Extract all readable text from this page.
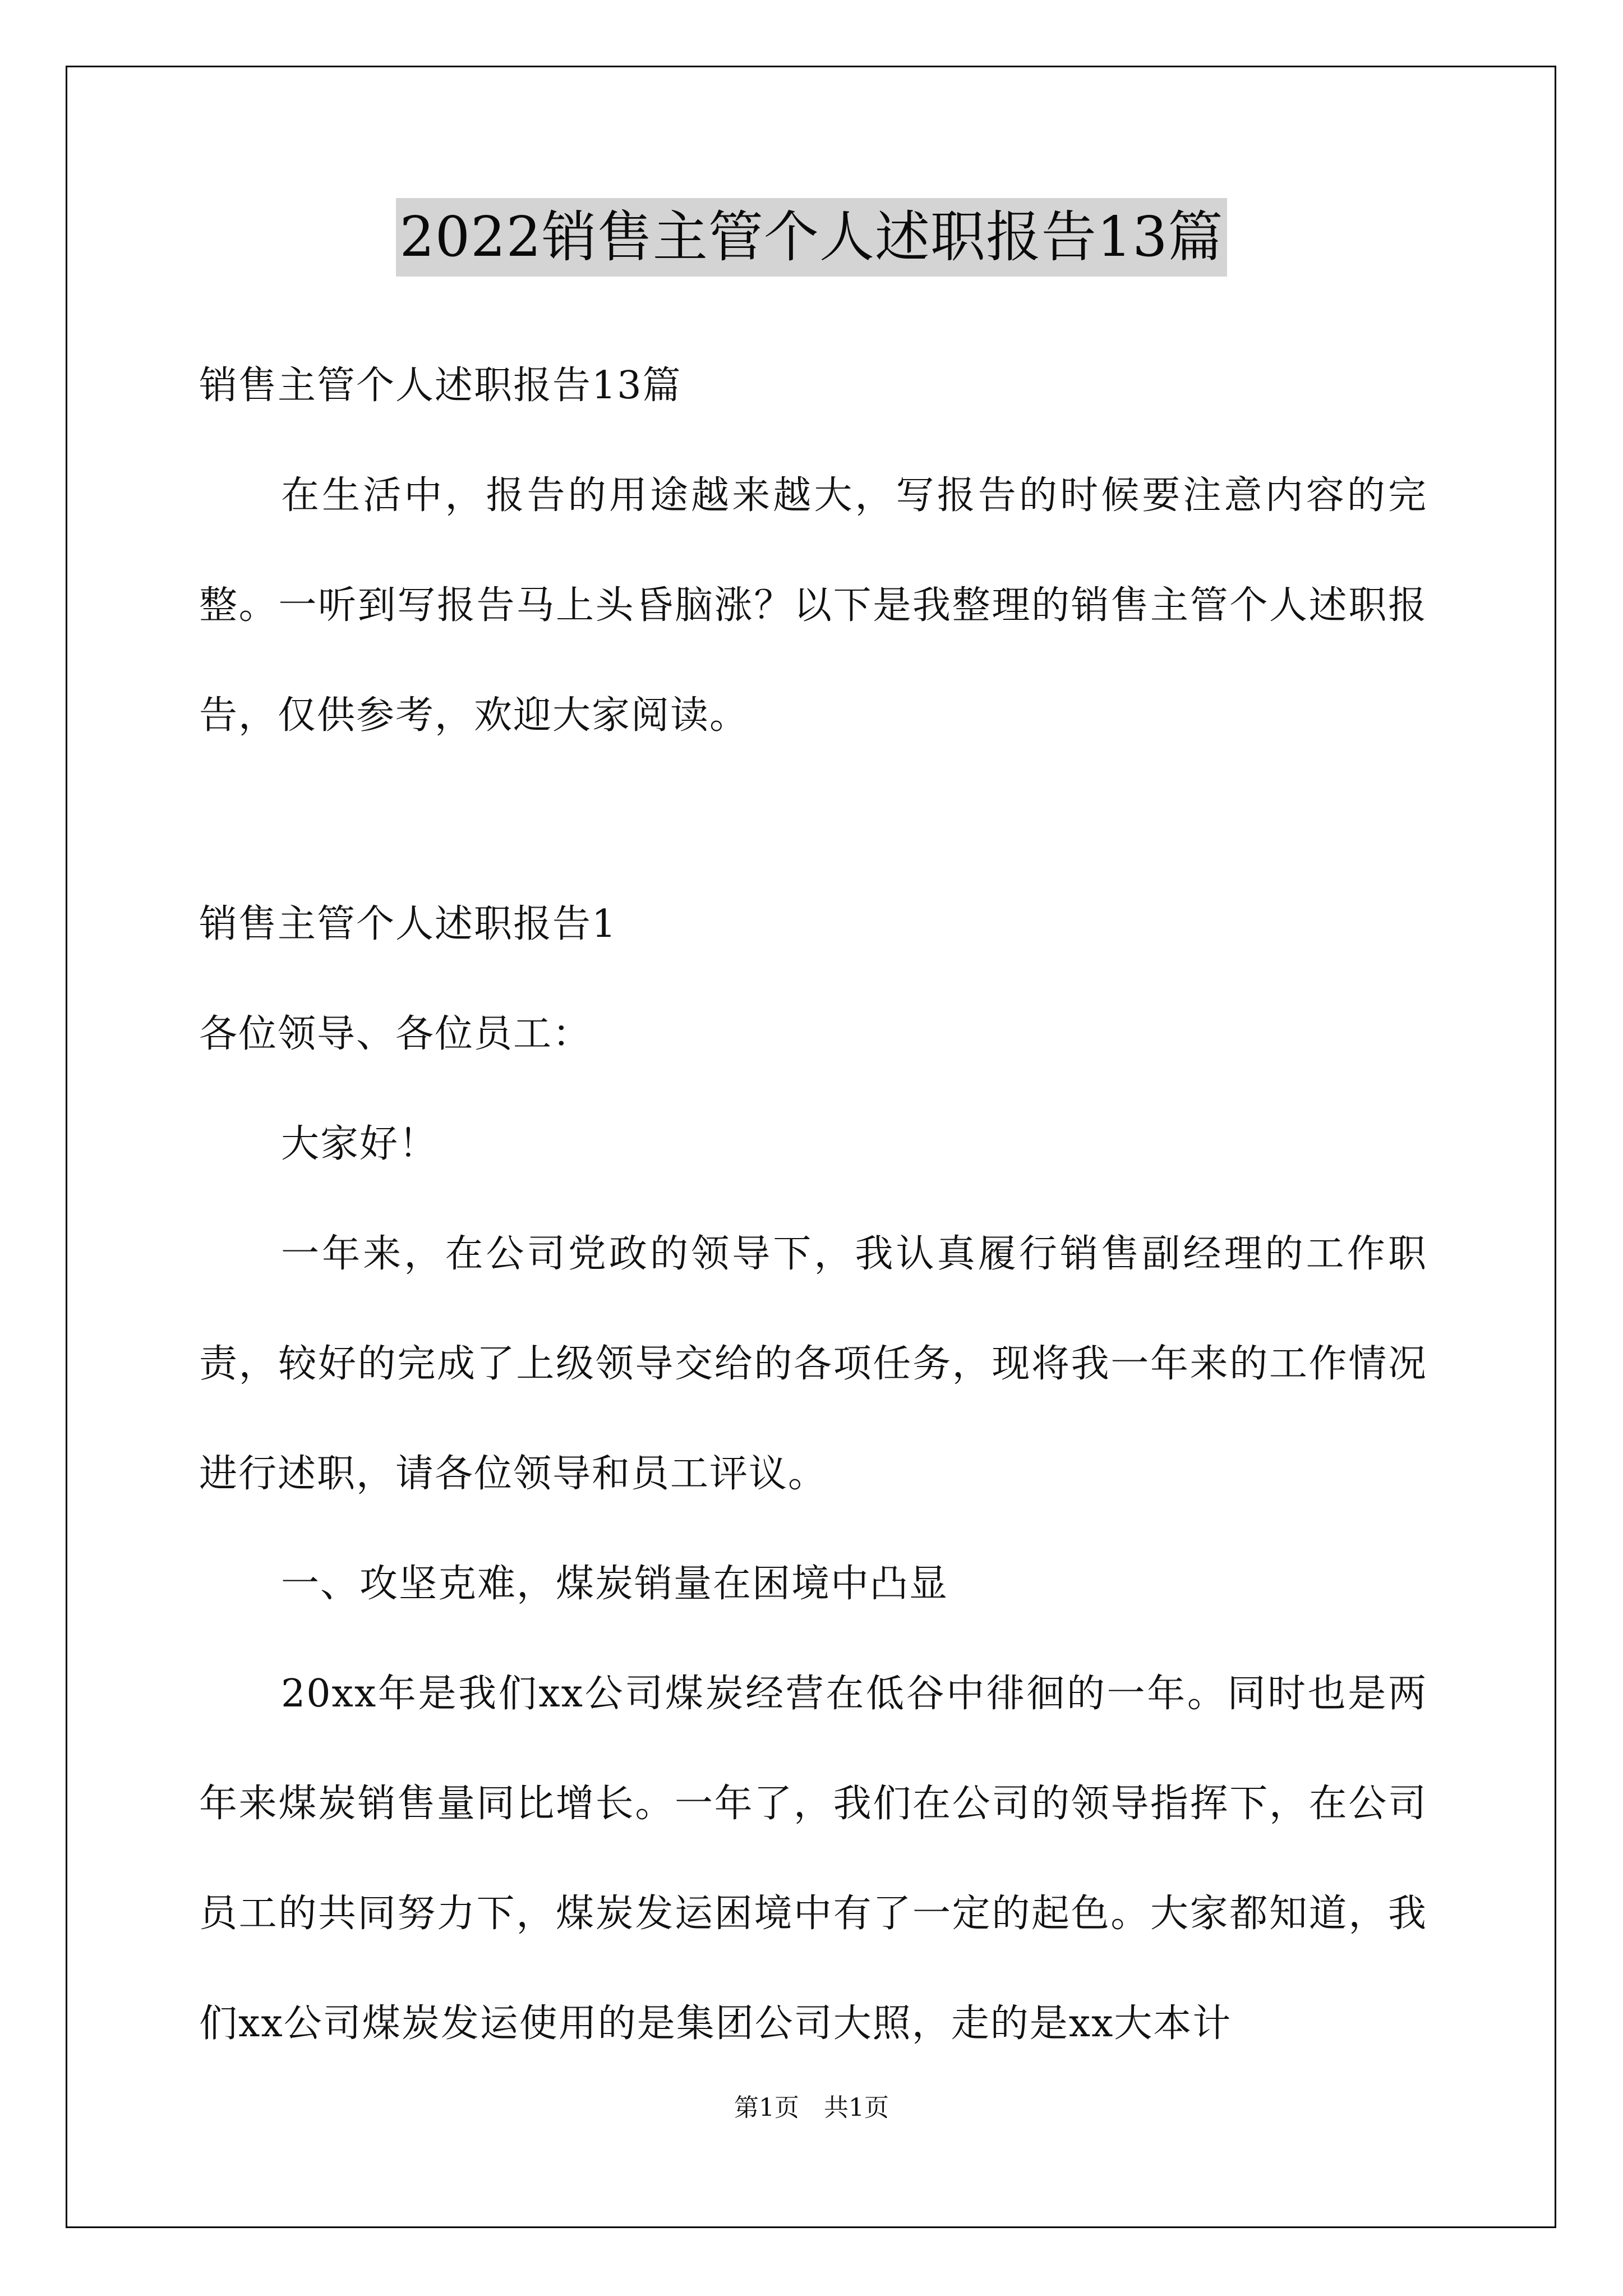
2022销售主管个人述职报告13篇
销售主管个人述职报告13篇

在生活中，报告的用途越来越大，写报告的时候要注意内容的完整。一听到写报告马上头昏脑涨？以下是我整理的销售主管个人述职报告，仅供参考，欢迎大家阅读。

销售主管个人述职报告1
各位领导、各位员工：

大家好！

一年来，在公司党政的领导下，我认真履行销售副经理的工作职责，较好的完成了上级领导交给的各项任务，现将我一年来的工作情况进行述职，请各位领导和员工评议。

一、攻坚克难，煤炭销量在困境中凸显

20xx年是我们xx公司煤炭经营在低谷中徘徊的一年。同时也是两年来煤炭销售量同比增长。一年了，我们在公司的领导指挥下，在公司员工的共同努力下，煤炭发运困境中有了一定的起色。大家都知道，我们xx公司煤炭发运使用的是集团公司大照，走的是xx大本计

第1页　共1页
